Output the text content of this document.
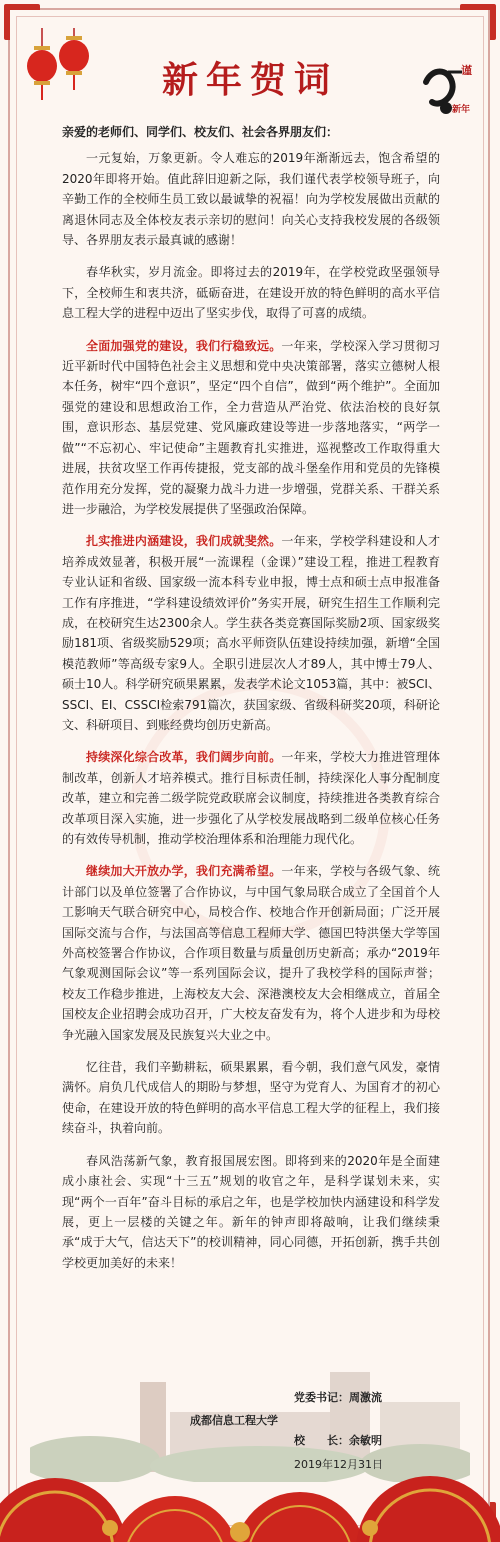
新年贺词	谨
新年

亲爱的老师们、同学们、校友们、社会各界朋友们：

一元复始，万象更新。令人难忘的2019年渐渐远去，饱含希望的2020年即将开始。值此辞旧迎新之际，我们谨代表学校领导班子，向辛勤工作的全校师生员工致以最诚挚的祝福！向为学校发展做出贡献的离退休同志及全体校友表示亲切的慰问！向关心支持我校发展的各级领导、各界朋友表示最真诚的感谢！

春华秋实，岁月流金。即将过去的2019年，在学校党政坚强领导下，全校师生和衷共济，砥砺奋进，在建设开放的特色鲜明的高水平信息工程大学的进程中迈出了坚实步伐，取得了可喜的成绩。

全面加强党的建设，我们行稳致远。一年来，学校深入学习贯彻习近平新时代中国特色社会主义思想和党中央决策部署，落实立德树人根本任务，树牢“四个意识”，坚定“四个自信”，做到“两个维护”。全面加强党的建设和思想政治工作，全力营造从严治党、依法治校的良好氛围，意识形态、基层党建、党风廉政建设等进一步落地落实，“两学一做”“不忘初心、牢记使命”主题教育扎实推进，巡视整改工作取得重大进展，扶贫攻坚工作再传捷报，党支部的战斗堡垒作用和党员的先锋模范作用充分发挥，党的凝聚力战斗力进一步增强，党群关系、干群关系进一步融洽，为学校发展提供了坚强政治保障。

扎实推进内涵建设，我们成就斐然。一年来，学校学科建设和人才培养成效显著，积极开展“一流课程（金课）”建设工程，推进工程教育专业认证和省级、国家级一流本科专业申报，博士点和硕士点申报准备工作有序推进，“学科建设绩效评价”务实开展，研究生招生工作顺利完成，在校研究生达2300余人。学生获各类竞赛国际奖励2项、国家级奖励181项、省级奖励529项；高水平师资队伍建设持续加强，新增“全国模范教师”等高级专家9人。全职引进层次人才89人，其中博士79人、硕士10人。科学研究硕果累累，发表学术论文1053篇，其中：被SCI、SSCI、EI、CSSCI检索791篇次，获国家级、省级科研奖20项，科研论文、科研项目、到账经费均创历史新高。

持续深化综合改革，我们阔步向前。一年来，学校大力推进管理体制改革，创新人才培养模式。推行目标责任制，持续深化人事分配制度改革，建立和完善二级学院党政联席会议制度，持续推进各类教育综合改革项目深入实施，进一步强化了从学校发展战略到二级单位核心任务的有效传导机制，推动学校治理体系和治理能力现代化。

继续加大开放办学，我们充满希望。一年来，学校与各级气象、统计部门以及单位签署了合作协议，与中国气象局联合成立了全国首个人工影响天气联合研究中心，局校合作、校地合作开创新局面；广泛开展国际交流与合作，与法国高等信息工程师大学、德国巴特洪堡大学等国外高校签署合作协议，合作项目数量与质量创历史新高；承办“2019年气象观测国际会议”等一系列国际会议，提升了我校学科的国际声誉；校友工作稳步推进，上海校友大会、深港澳校友大会相继成立，首届全国校友企业招聘会成功召开，广大校友奋发有为，将个人进步和为母校争光融入国家发展及民族复兴大业之中。

忆往昔，我们辛勤耕耘，硕果累累，看今朝，我们意气风发，豪情满怀。肩负几代成信人的期盼与梦想，坚守为党育人、为国育才的初心使命，在建设开放的特色鲜明的高水平信息工程大学的征程上，我们接续奋斗，执着向前。

春风浩荡新气象，教育报国展宏图。即将到来的2020年是全面建成小康社会、实现“十三五”规划的收官之年，是科学谋划未来，实现“两个一百年”奋斗目标的承启之年，也是学校加快内涵建设和科学发展，更上一层楼的关键之年。新年的钟声即将敲响，让我们继续秉承“成于大气，信达天下”的校训精神，同心同德，开拓创新，携手共创学校更加美好的未来！

党委书记：周激流
成都信息工程大学
校　　长：余敏明
2019年12月31日
